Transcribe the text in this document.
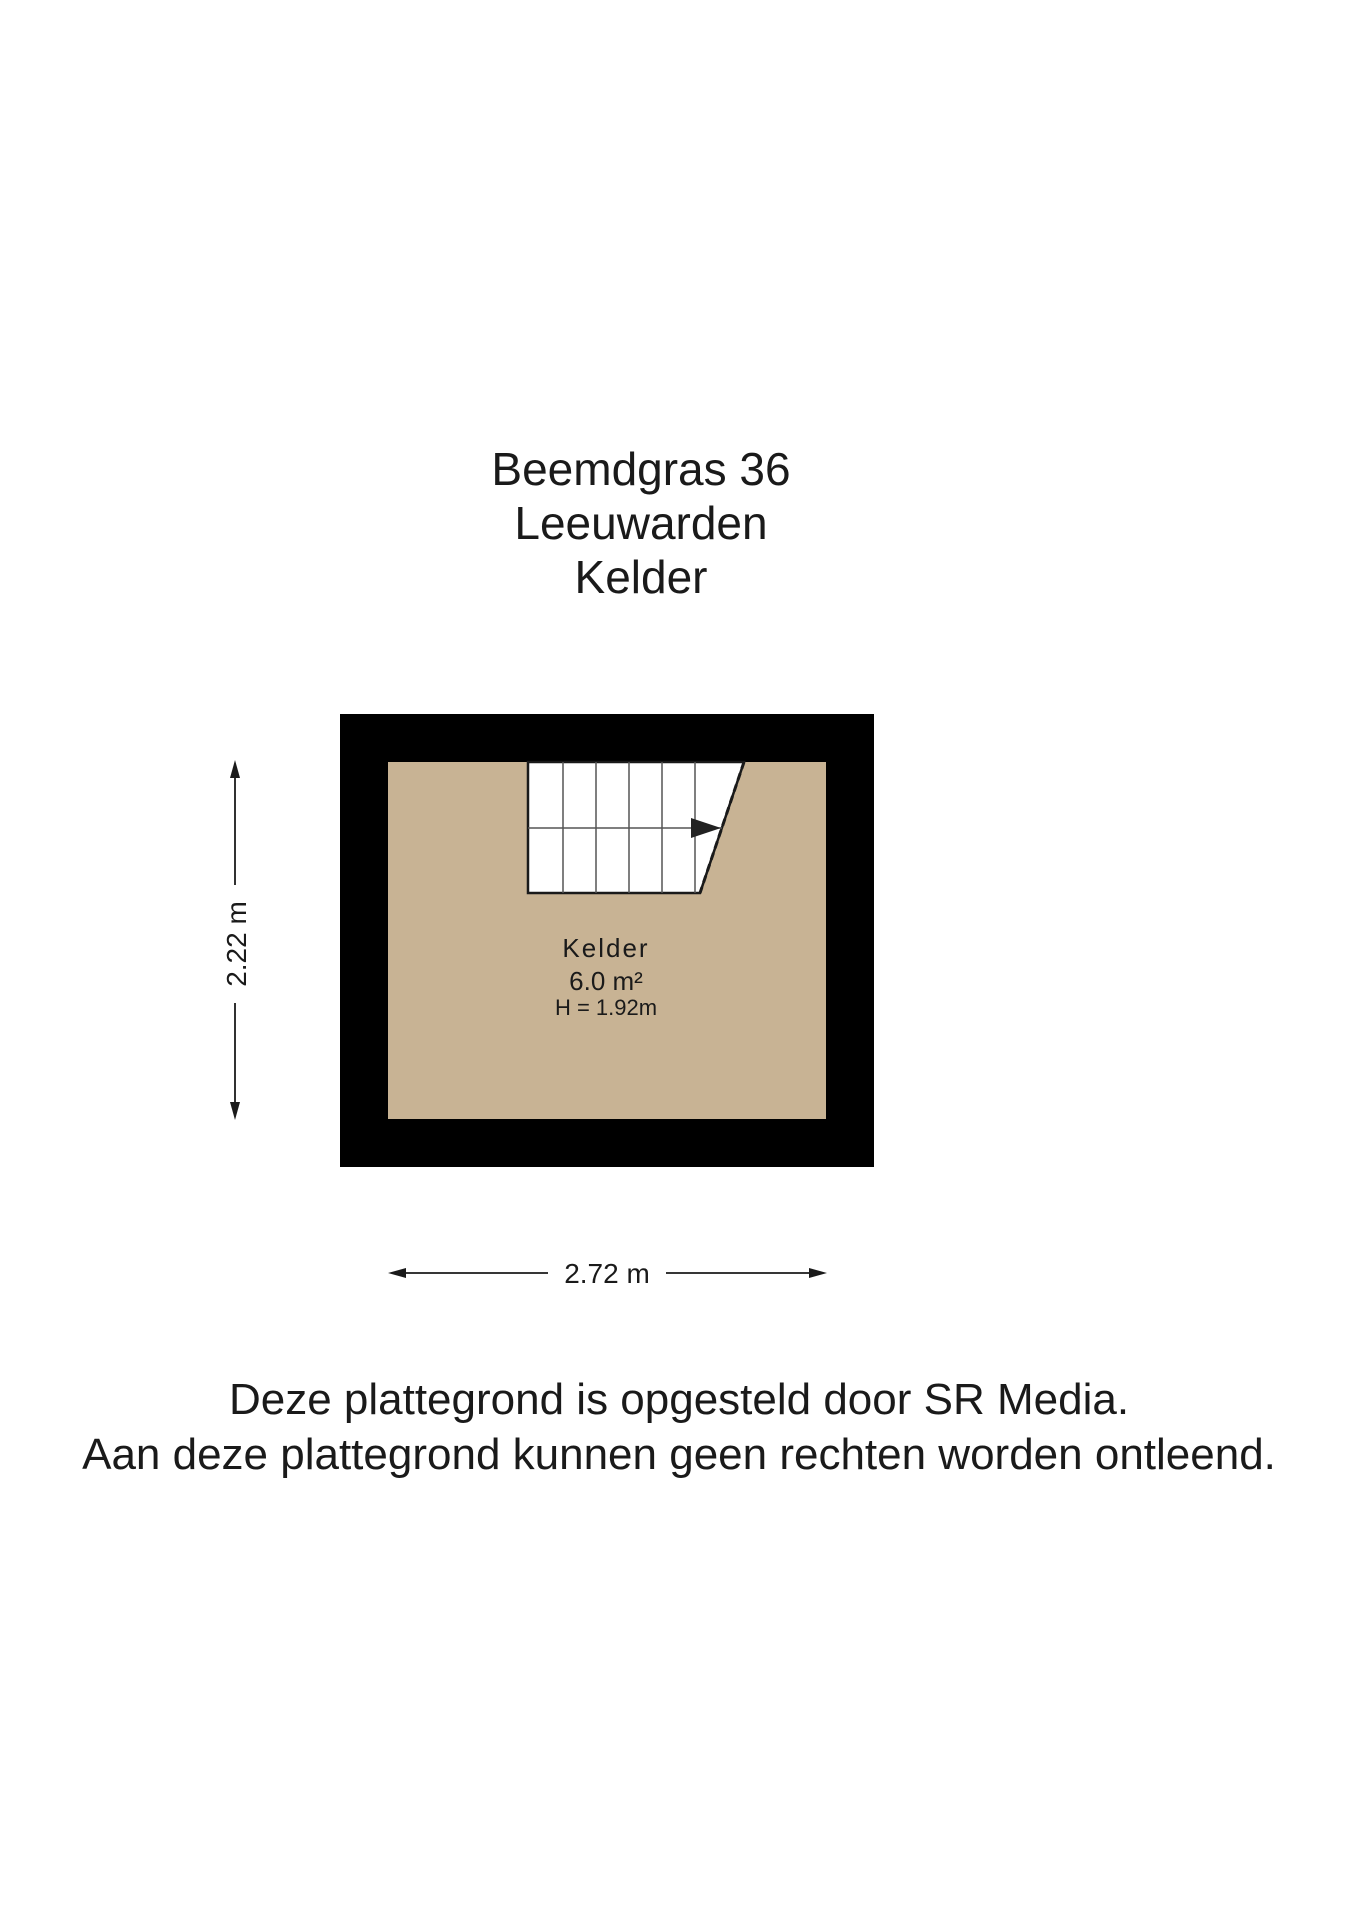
Beemdgras 36
Leeuwarden
Kelder
Kelder
6.0 m²
H = 1.92m
2.22 m
2.72 m
Deze plattegrond is opgesteld door SR Media.
Aan deze plattegrond kunnen geen rechten worden ontleend.
